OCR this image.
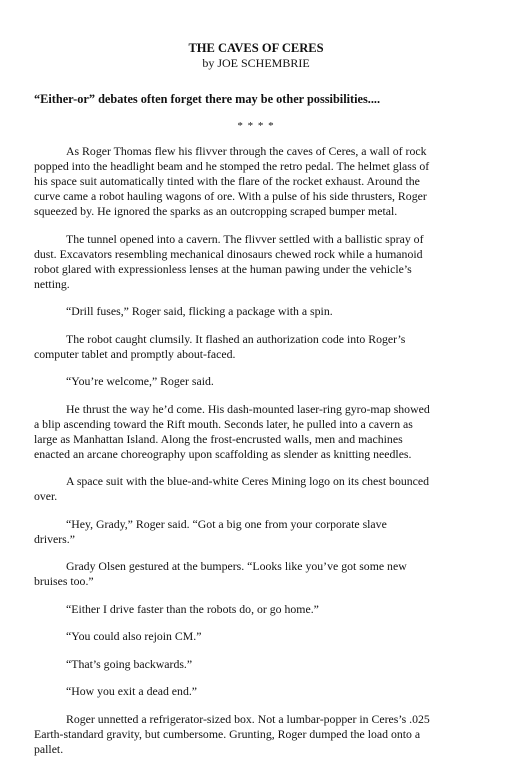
THE CAVES OF CERES

by JOE SCHEMBRIE

“Either-or” debates often forget there may be other possibilities....

* * * *

As Roger Thomas flew his flivver through the caves of Ceres, a wall of rock
popped into the headlight beam and he stomped the retro pedal. The helmet glass of
his space suit automatically tinted with the flare of the rocket exhaust. Around the
curve came a robot hauling wagons of ore. With a pulse of his side thrusters, Roger
squeezed by. He ignored the sparks as an outcropping scraped bumper metal.

The tunnel opened into a cavern. The flivver settled with a ballistic spray of
dust. Excavators resembling mechanical dinosaurs chewed rock while a humanoid
robot glared with expressionless lenses at the human pawing under the vehicle’s
netting.

“Drill fuses,” Roger said, flicking a package with a spin.

The robot caught clumsily. It flashed an authorization code into Roger’s
computer tablet and promptly about-faced.

“You’re welcome,” Roger said.

He thrust the way he’d come. His dash-mounted laser-ring gyro-map showed
a blip ascending toward the Rift mouth. Seconds later, he pulled into a cavern as
large as Manhattan Island. Along the frost-encrusted walls, men and machines
enacted an arcane choreography upon scaffolding as slender as knitting needles.

A space suit with the blue-and-white Ceres Mining logo on its chest bounced
over.

“Hey, Grady,” Roger said. “Got a big one from your corporate slave
drivers.”

Grady Olsen gestured at the bumpers. “Looks like you’ve got some new
bruises too.”

“Either I drive faster than the robots do, or go home.”

“You could also rejoin CM.”

“That’s going backwards.”

“How you exit a dead end.”

Roger unnetted a refrigerator-sized box. Not a lumbar-popper in Ceres’s .025
Earth-standard gravity, but cumbersome. Grunting, Roger dumped the load onto a
pallet.
